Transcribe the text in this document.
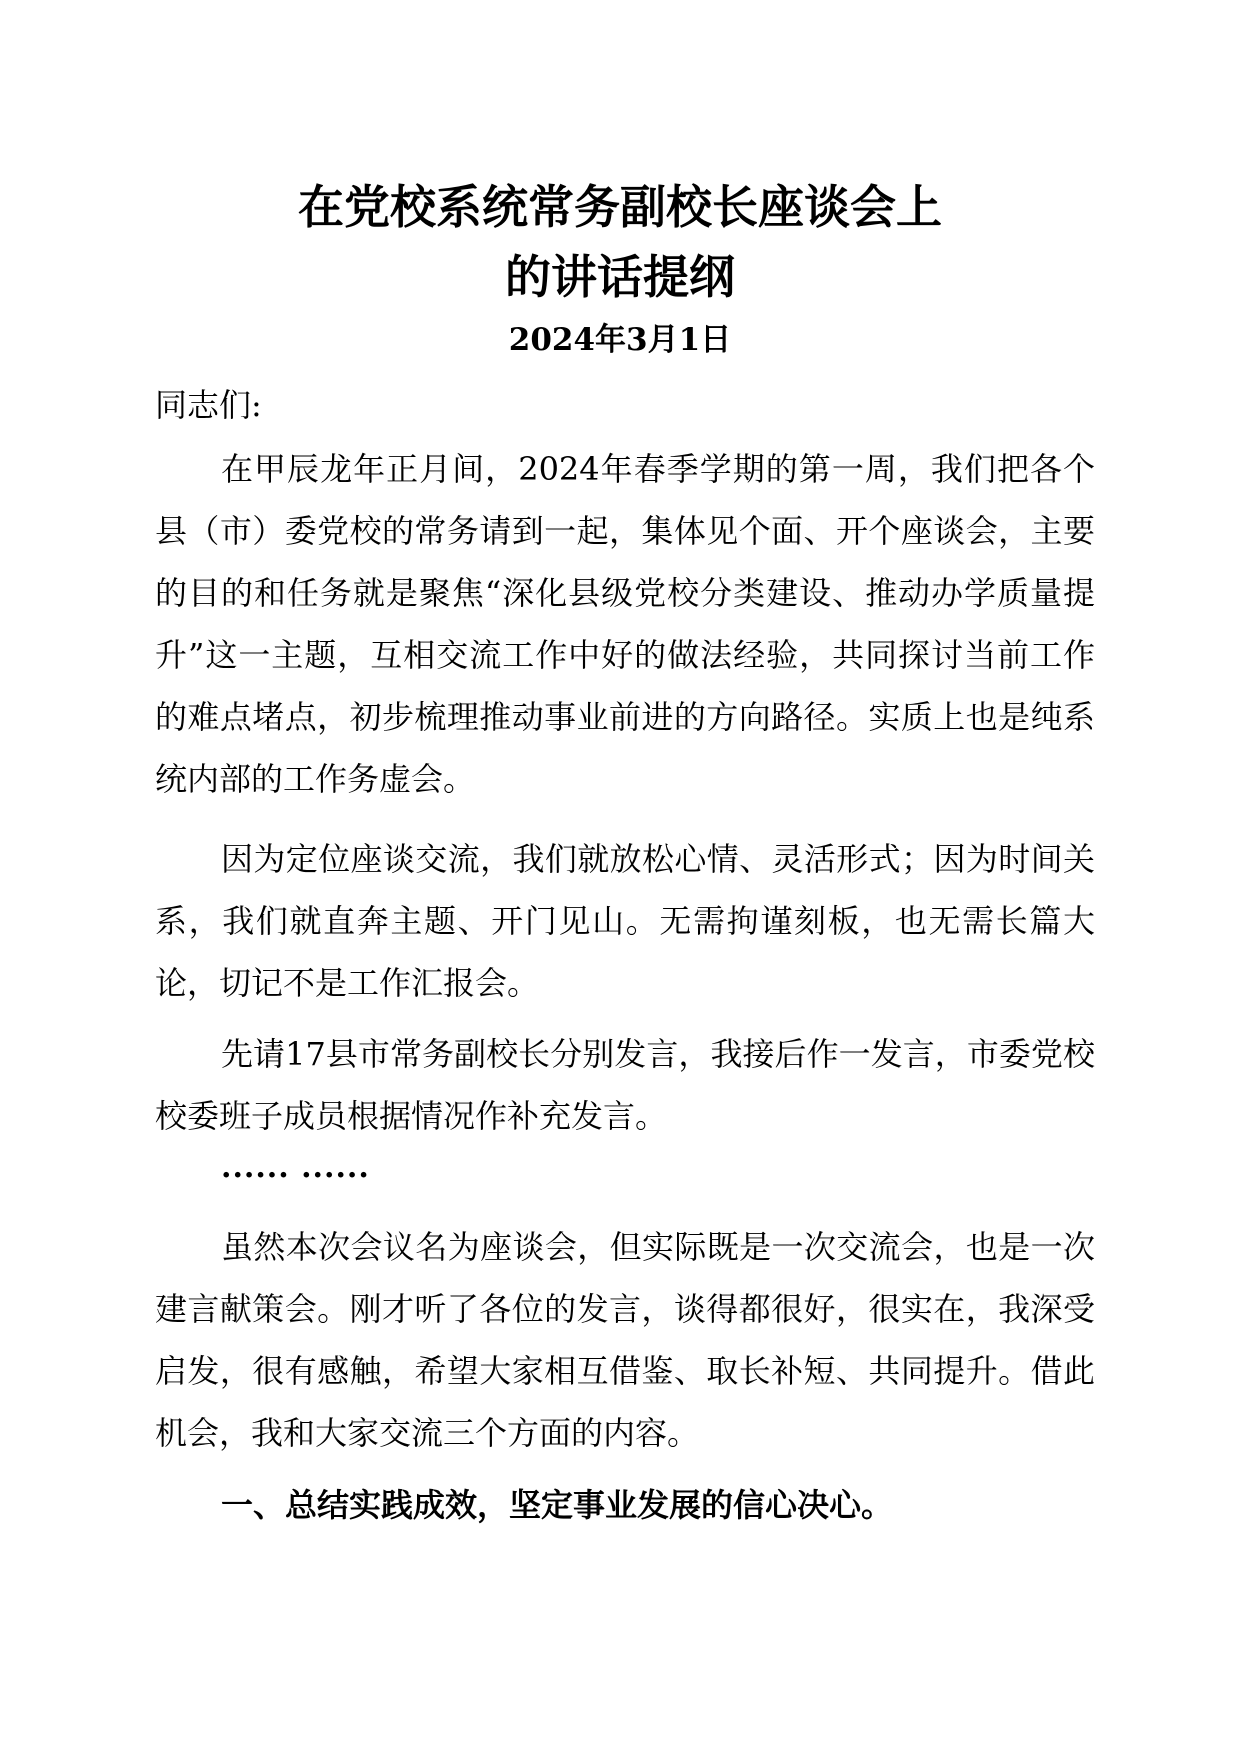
在党校系统常务副校长座谈会上
的讲话提纲
2024年3月1日
同志们:
在甲辰龙年正月间，2024年春季学期的第一周，我们把各个县（市）委党校的常务请到一起，集体见个面、开个座谈会，主要的目的和任务就是聚焦“深化县级党校分类建设、推动办学质量提升”这一主题，互相交流工作中好的做法经验，共同探讨当前工作的难点堵点，初步梳理推动事业前进的方向路径。实质上也是纯系统内部的工作务虚会。
因为定位座谈交流，我们就放松心情、灵活形式；因为时间关系，我们就直奔主题、开门见山。无需拘谨刻板，也无需长篇大论，切记不是工作汇报会。
先请17县市常务副校长分别发言，我接后作一发言，市委党校校委班子成员根据情况作补充发言。
...... ......
虽然本次会议名为座谈会，但实际既是一次交流会，也是一次建言献策会。刚才听了各位的发言，谈得都很好，很实在，我深受启发，很有感触，希望大家相互借鉴、取长补短、共同提升。借此机会，我和大家交流三个方面的内容。
一、总结实践成效，坚定事业发展的信心决心。
